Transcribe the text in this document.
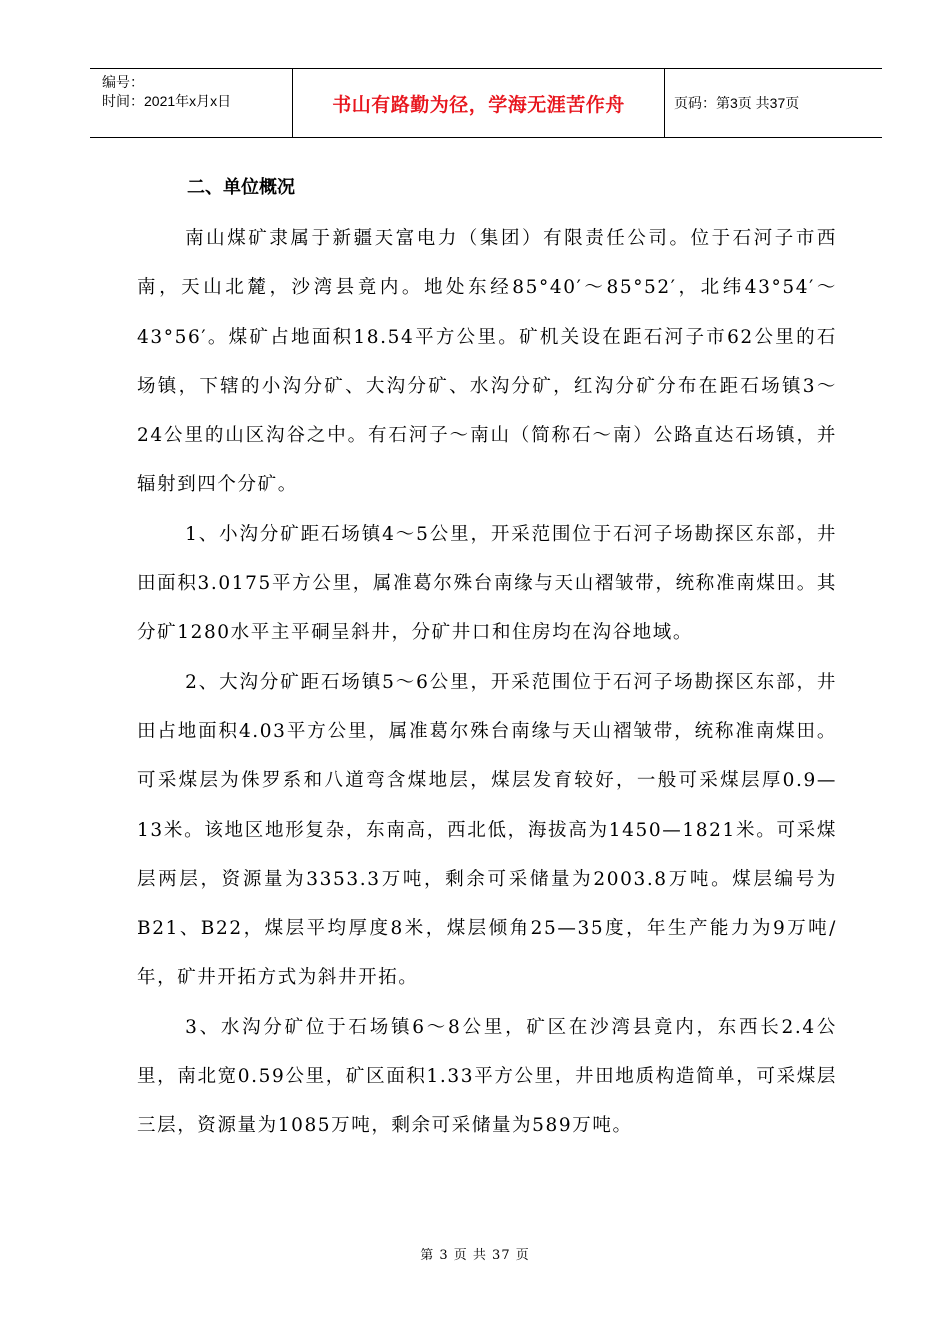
编号：
时间：2021年x月x日	书山有路勤为径，学海无涯苦作舟	页码：第3页 共37页
二、单位概况

南山煤矿隶属于新疆天富电力（集团）有限责任公司。位于石河子市西南，天山北麓，沙湾县竟内。地处东经85°40′～85°52′，北纬43°54′～43°56′。煤矿占地面积18.54平方公里。矿机关设在距石河子市62公里的石场镇，下辖的小沟分矿、大沟分矿、水沟分矿，红沟分矿分布在距石场镇3～24公里的山区沟谷之中。有石河子～南山（简称石～南）公路直达石场镇，并辐射到四个分矿。

1、小沟分矿距石场镇4～5公里，开采范围位于石河子场勘探区东部，井田面积3.0175平方公里，属准葛尔殊台南缘与天山褶皱带，统称准南煤田。其分矿1280水平主平硐呈斜井，分矿井口和住房均在沟谷地域。

2、大沟分矿距石场镇5～6公里，开采范围位于石河子场勘探区东部，井田占地面积4.03平方公里，属准葛尔殊台南缘与天山褶皱带，统称准南煤田。可采煤层为侏罗系和八道弯含煤地层，煤层发育较好，一般可采煤层厚0.9—13米。该地区地形复杂，东南高，西北低，海拔高为1450—1821米。可采煤层两层，资源量为3353.3万吨，剩余可采储量为2003.8万吨。煤层编号为B21、B22，煤层平均厚度8米，煤层倾角25—35度，年生产能力为9万吨/年，矿井开拓方式为斜井开拓。

3、水沟分矿位于石场镇6～8公里，矿区在沙湾县竟内，东西长2.4公里，南北宽0.59公里，矿区面积1.33平方公里，井田地质构造简单，可采煤层三层，资源量为1085万吨，剩余可采储量为589万吨。

第 3 页 共 37 页
